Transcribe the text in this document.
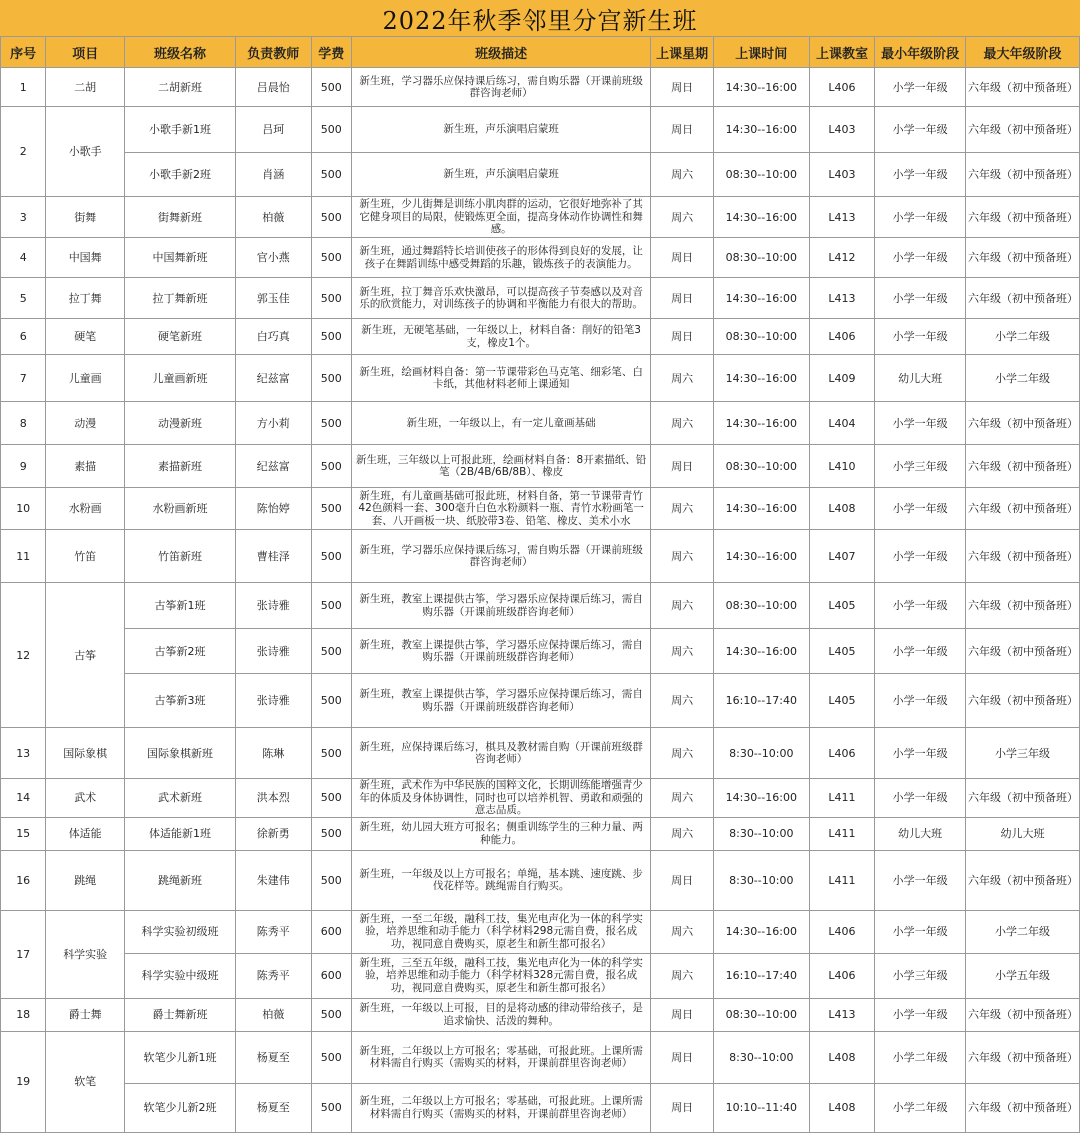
2022年秋季邻里分宫新生班
序号	项目	班级名称	负责教师	学费	班级描述	上课星期	上课时间	上课教室	最小年级阶段	最大年级阶段
1	二胡	二胡新班	吕晨怡	500	新生班，学习器乐应保持课后练习，需自购乐器（开课前班级群咨询老师）	周日	14:30--16:00	L406	小学一年级	六年级（初中预备班）
2	小歌手	小歌手新1班	吕珂	500	新生班，声乐演唱启蒙班	周日	14:30--16:00	L403	小学一年级	六年级（初中预备班）
		小歌手新2班	肖涵	500	新生班，声乐演唱启蒙班	周六	08:30--10:00	L403	小学一年级	六年级（初中预备班）
3	街舞	街舞新班	柏薇	500	新生班，少儿街舞是训练小肌肉群的运动，它很好地弥补了其它健身项目的局限，使锻炼更全面，提高身体动作协调性和舞感。	周六	14:30--16:00	L413	小学一年级	六年级（初中预备班）
4	中国舞	中国舞新班	官小燕	500	新生班，通过舞蹈特长培训使孩子的形体得到良好的发展，让孩子在舞蹈训练中感受舞蹈的乐趣，锻炼孩子的表演能力。	周日	08:30--10:00	L412	小学一年级	六年级（初中预备班）
5	拉丁舞	拉丁舞新班	郭玉佳	500	新生班，拉丁舞音乐欢快激昂，可以提高孩子节奏感以及对音乐的欣赏能力，对训练孩子的协调和平衡能力有很大的帮助。	周日	14:30--16:00	L413	小学一年级	六年级（初中预备班）
6	硬笔	硬笔新班	白巧真	500	新生班，无硬笔基础，一年级以上，材料自备：削好的铅笔3支，橡皮1个。	周日	08:30--10:00	L406	小学一年级	小学二年级
7	儿童画	儿童画新班	纪兹富	500	新生班，绘画材料自备：第一节课带彩色马克笔、细彩笔、白卡纸，其他材料老师上课通知	周六	14:30--16:00	L409	幼儿大班	小学二年级
8	动漫	动漫新班	方小莉	500	新生班，一年级以上，有一定儿童画基础	周六	14:30--16:00	L404	小学一年级	六年级（初中预备班）
9	素描	素描新班	纪兹富	500	新生班，三年级以上可报此班，绘画材料自备：8开素描纸、铅笔（2B/4B/6B/8B）、橡皮	周日	08:30--10:00	L410	小学三年级	六年级（初中预备班）
10	水粉画	水粉画新班	陈怡婷	500	新生班，有儿童画基础可报此班，材料自备，第一节课带青竹42色颜料一套、300毫升白色水粉颜料一瓶、青竹水粉画笔一套、八开画板一块、纸胶带3卷、铅笔、橡皮、美术小水	周六	14:30--16:00	L408	小学一年级	六年级（初中预备班）
11	竹笛	竹笛新班	曹桂泽	500	新生班，学习器乐应保持课后练习，需自购乐器（开课前班级群咨询老师）	周六	14:30--16:00	L407	小学一年级	六年级（初中预备班）
12	古筝	古筝新1班	张诗雅	500	新生班，教室上课提供古筝，学习器乐应保持课后练习，需自购乐器（开课前班级群咨询老师）	周六	08:30--10:00	L405	小学一年级	六年级（初中预备班）
		古筝新2班	张诗雅	500	新生班，教室上课提供古筝，学习器乐应保持课后练习，需自购乐器（开课前班级群咨询老师）	周六	14:30--16:00	L405	小学一年级	六年级（初中预备班）
		古筝新3班	张诗雅	500	新生班，教室上课提供古筝，学习器乐应保持课后练习，需自购乐器（开课前班级群咨询老师）	周六	16:10--17:40	L405	小学一年级	六年级（初中预备班）
13	国际象棋	国际象棋新班	陈琳	500	新生班，应保持课后练习，棋具及教材需自购（开课前班级群咨询老师）	周六	8:30--10:00	L406	小学一年级	小学三年级
14	武术	武术新班	洪本烈	500	新生班，武术作为中华民族的国粹文化，长期训练能增强青少年的体质及身体协调性，同时也可以培养机智、勇敢和顽强的意志品质。	周六	14:30--16:00	L411	小学一年级	六年级（初中预备班）
15	体适能	体适能新1班	徐新勇	500	新生班，幼儿园大班方可报名；侧重训练学生的三种力量、两种能力。	周六	8:30--10:00	L411	幼儿大班	幼儿大班
16	跳绳	跳绳新班	朱建伟	500	新生班，一年级及以上方可报名；单绳，基本跳、速度跳、步伐花样等。跳绳需自行购买。	周日	8:30--10:00	L411	小学一年级	六年级（初中预备班）
17	科学实验	科学实验初级班	陈秀平	600	新生班，一至二年级，融科工技，集光电声化为一体的科学实验，培养思维和动手能力（科学材料298元需自费，报名成功，视同意自费购买，原老生和新生都可报名）	周六	14:30--16:00	L406	小学一年级	小学二年级
		科学实验中级班	陈秀平	600	新生班，三至五年级，融科工技，集光电声化为一体的科学实验，培养思维和动手能力（科学材料328元需自费，报名成功，视同意自费购买，原老生和新生都可报名）	周六	16:10--17:40	L406	小学三年级	小学五年级
18	爵士舞	爵士舞新班	柏薇	500	新生班，一年级以上可报，目的是将动感的律动带给孩子，是追求愉快、活泼的舞种。	周日	08:30--10:00	L413	小学一年级	六年级（初中预备班）
19	软笔	软笔少儿新1班	杨夏至	500	新生班，二年级以上方可报名；零基础，可报此班。上课所需材料需自行购买（需购买的材料，开课前群里咨询老师）	周日	8:30--10:00	L408	小学二年级	六年级（初中预备班）
		软笔少儿新2班	杨夏至	500	新生班，二年级以上方可报名；零基础，可报此班。上课所需材料需自行购买（需购买的材料，开课前群里咨询老师）	周日	10:10--11:40	L408	小学二年级	六年级（初中预备班）
